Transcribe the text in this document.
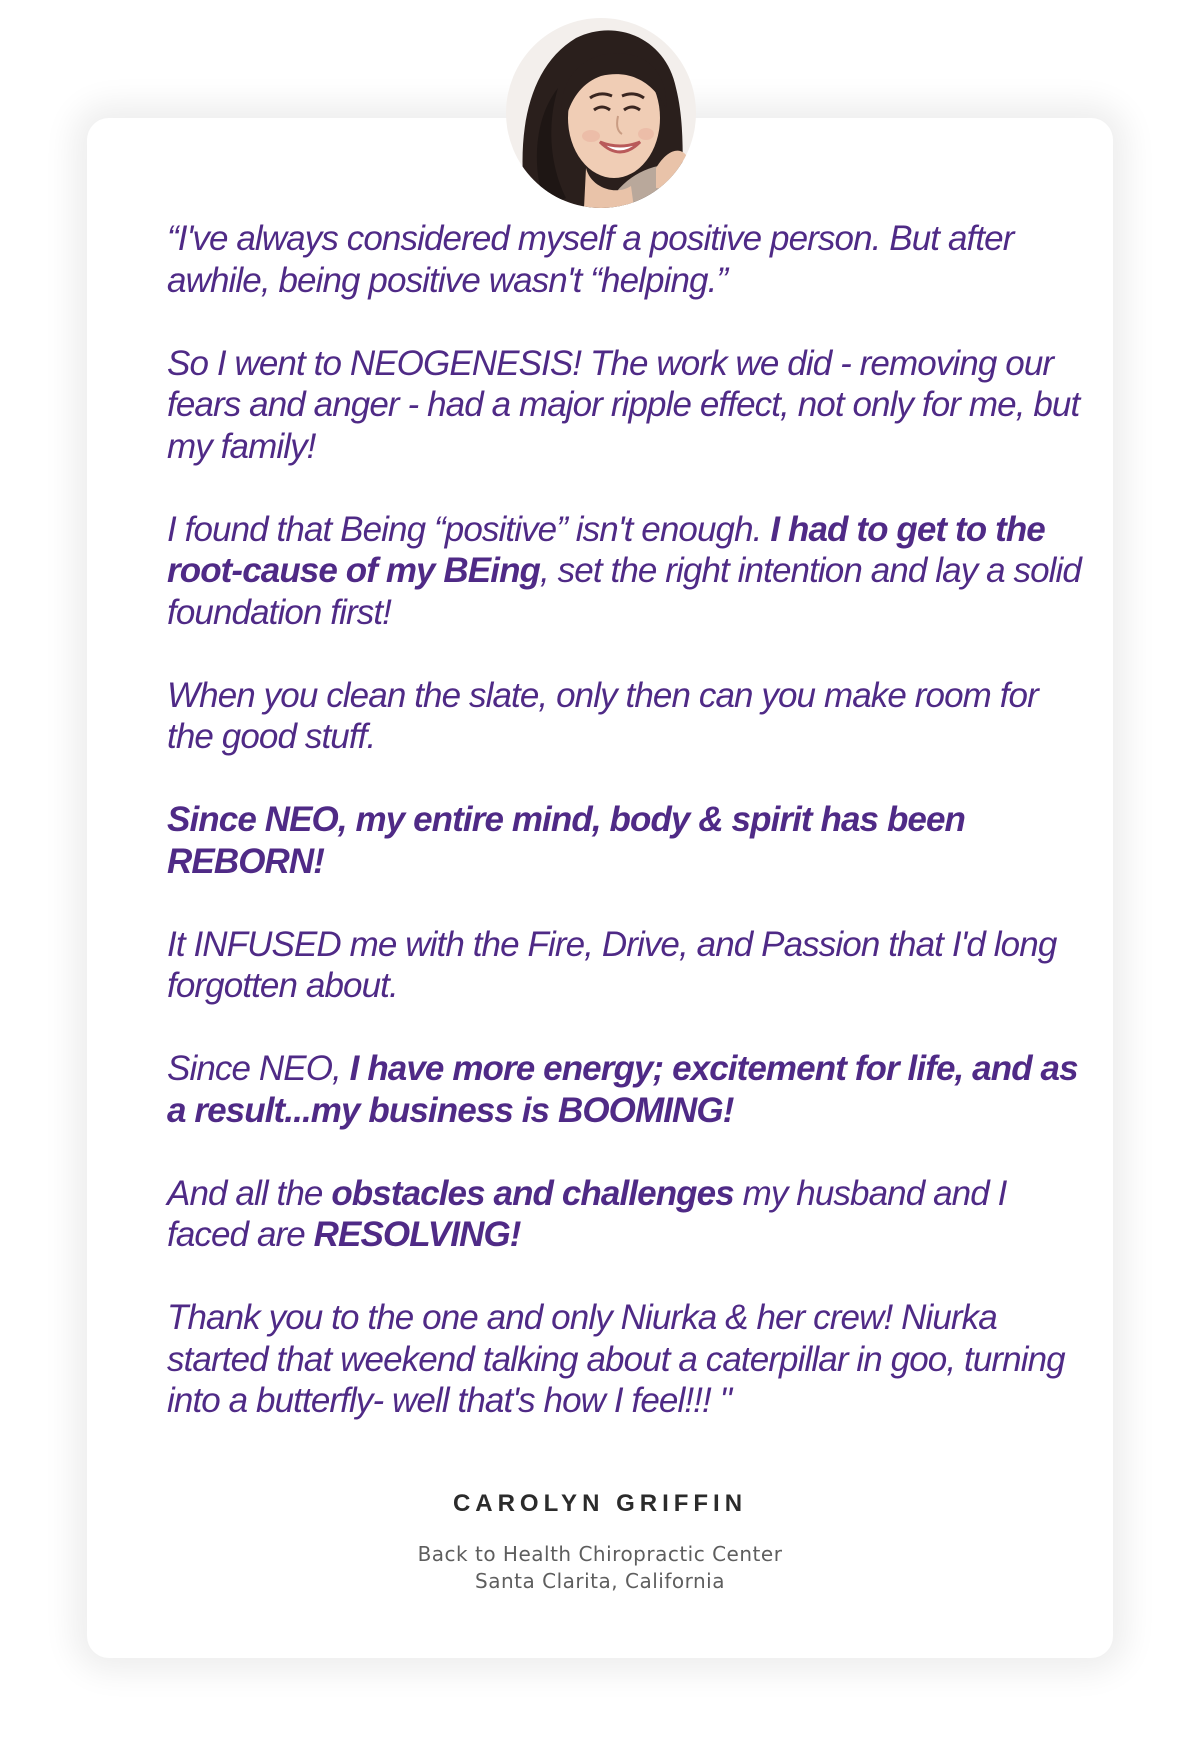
“I've always considered myself a positive person. But after awhile, being positive wasn't “helping.”

So I went to NEOGENESIS! The work we did - removing our fears and anger - had a major ripple effect, not only for me, but my family!

I found that Being “positive” isn't enough. I had to get to the root-cause of my BEing, set the right intention and lay a solid foundation first!

When you clean the slate, only then can you make room for the good stuff.

Since NEO, my entire mind, body & spirit has been REBORN!

It INFUSED me with the Fire, Drive, and Passion that I'd long forgotten about.

Since NEO, I have more energy; excitement for life, and as a result...my business is BOOMING!

And all the obstacles and challenges my husband and I faced are RESOLVING!

Thank you to the one and only Niurka & her crew! Niurka started that weekend talking about a caterpillar in goo, turning into a butterfly- well that's how I feel!!! "

CAROLYN GRIFFIN
Back to Health Chiropractic Center
Santa Clarita, California
